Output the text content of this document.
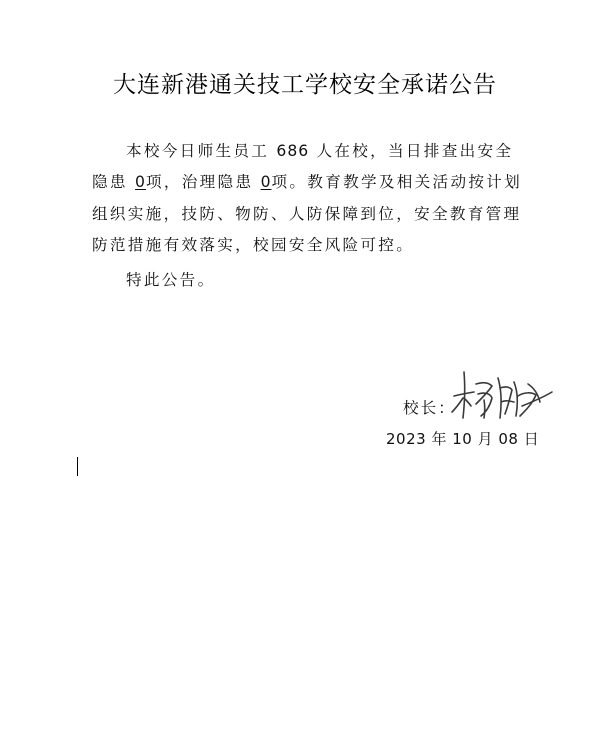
大连新港通关技工学校安全承诺公告

本校今日师生员工 686 人在校，当日排查出安全隐患 0项，治理隐患 0项。教育教学及相关活动按计划组织实施，技防、物防、人防保障到位，安全教育管理防范措施有效落实，校园安全风险可控。

特此公告。
校长：
2023 年 10 月 08 日
